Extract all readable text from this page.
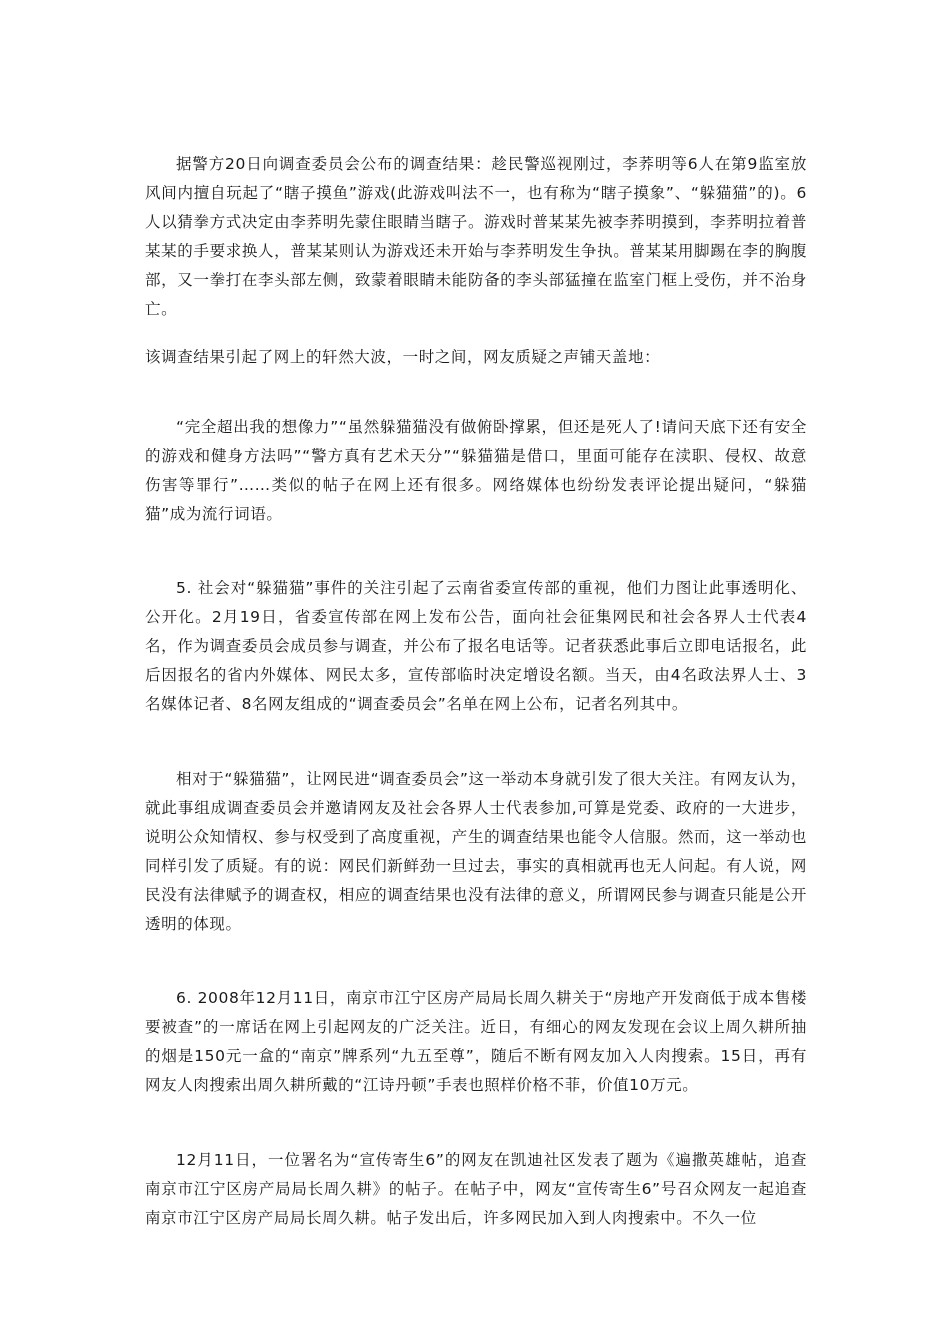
据警方20日向调查委员会公布的调查结果：趁民警巡视刚过，李荞明等6人在第9监室放风间内擅自玩起了“瞎子摸鱼”游戏(此游戏叫法不一，也有称为“瞎子摸象”、“躲猫猫”的)。6人以猜拳方式决定由李荞明先蒙住眼睛当瞎子。游戏时普某某先被李荞明摸到，李荞明拉着普某某的手要求换人，普某某则认为游戏还未开始与李荞明发生争执。普某某用脚踢在李的胸腹部，又一拳打在李头部左侧，致蒙着眼睛未能防备的李头部猛撞在监室门框上受伤，并不治身亡。

该调查结果引起了网上的轩然大波，一时之间，网友质疑之声铺天盖地：

“完全超出我的想像力”“虽然躲猫猫没有做俯卧撑累，但还是死人了!请问天底下还有安全的游戏和健身方法吗”“警方真有艺术天分”“躲猫猫是借口，里面可能存在渎职、侵权、故意伤害等罪行”……类似的帖子在网上还有很多。网络媒体也纷纷发表评论提出疑问，“躲猫猫”成为流行词语。

5. 社会对“躲猫猫”事件的关注引起了云南省委宣传部的重视，他们力图让此事透明化、公开化。2月19日，省委宣传部在网上发布公告，面向社会征集网民和社会各界人士代表4名，作为调查委员会成员参与调查，并公布了报名电话等。记者获悉此事后立即电话报名，此后因报名的省内外媒体、网民太多，宣传部临时决定增设名额。当天，由4名政法界人士、3名媒体记者、8名网友组成的“调查委员会”名单在网上公布，记者名列其中。

相对于“躲猫猫”，让网民进“调查委员会”这一举动本身就引发了很大关注。有网友认为，就此事组成调查委员会并邀请网友及社会各界人士代表参加,可算是党委、政府的一大进步，说明公众知情权、参与权受到了高度重视，产生的调查结果也能令人信服。然而，这一举动也同样引发了质疑。有的说：网民们新鲜劲一旦过去，事实的真相就再也无人问起。有人说，网民没有法律赋予的调查权，相应的调查结果也没有法律的意义，所谓网民参与调查只能是公开透明的体现。

6. 2008年12月11日，南京市江宁区房产局局长周久耕关于“房地产开发商低于成本售楼要被查”的一席话在网上引起网友的广泛关注。近日，有细心的网友发现在会议上周久耕所抽的烟是150元一盒的“南京”牌系列“九五至尊”，随后不断有网友加入人肉搜索。15日，再有网友人肉搜索出周久耕所戴的“江诗丹顿”手表也照样价格不菲，价值10万元。

12月11日，一位署名为“宣传寄生6”的网友在凯迪社区发表了题为《遍撒英雄帖，追查南京市江宁区房产局局长周久耕》的帖子。在帖子中，网友“宣传寄生6”号召众网友一起追查南京市江宁区房产局局长周久耕。帖子发出后，许多网民加入到人肉搜索中。不久一位
